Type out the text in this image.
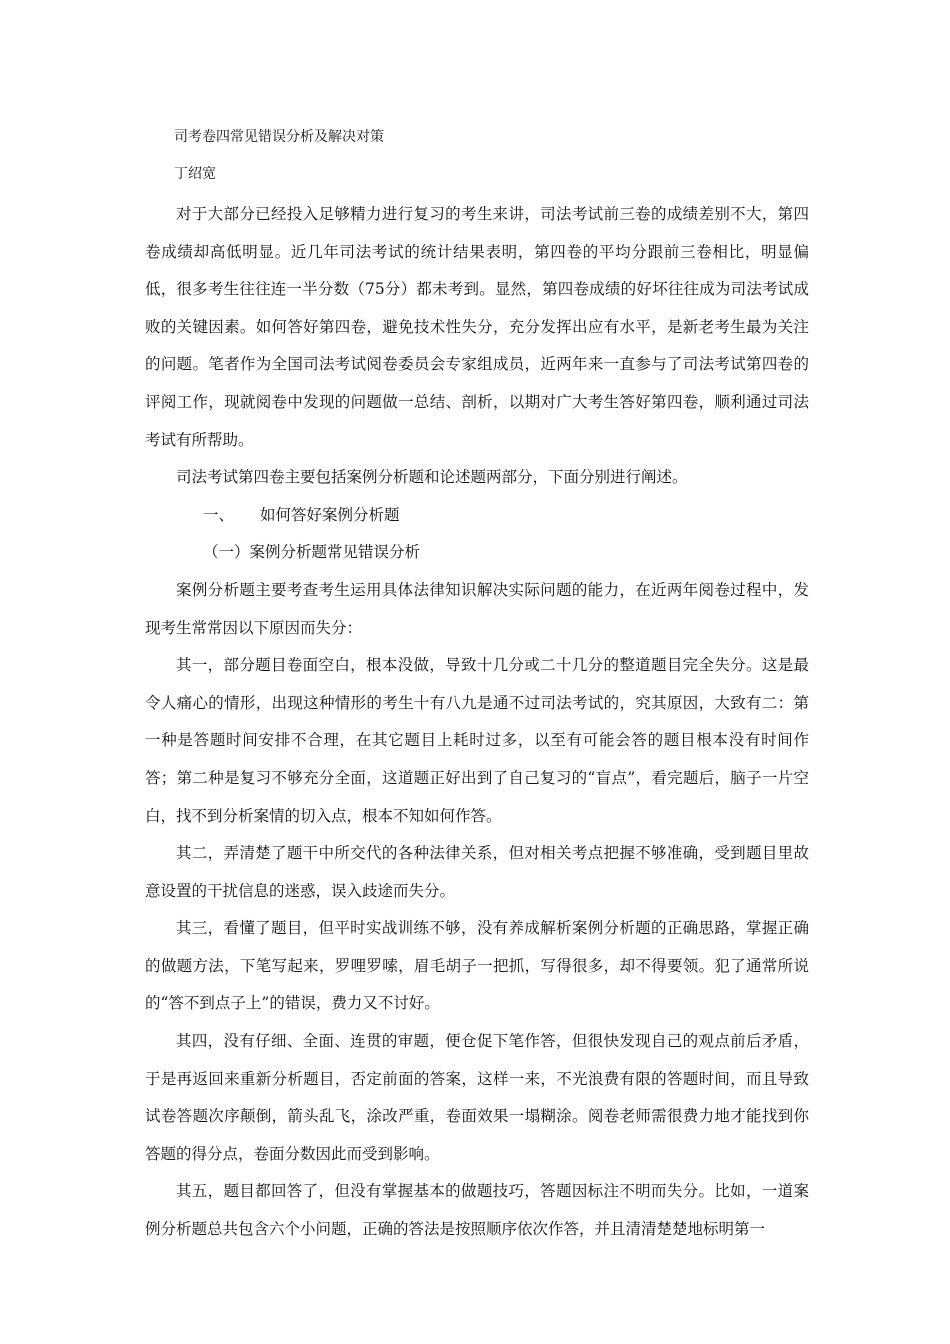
司考卷四常见错误分析及解决对策
丁绍宽

对于大部分已经投入足够精力进行复习的考生来讲，司法考试前三卷的成绩差别不大，第四卷成绩却高低明显。近几年司法考试的统计结果表明，第四卷的平均分跟前三卷相比，明显偏低，很多考生往往连一半分数（75分）都未考到。显然，第四卷成绩的好坏往往成为司法考试成败的关键因素。如何答好第四卷，避免技术性失分，充分发挥出应有水平，是新老考生最为关注的问题。笔者作为全国司法考试阅卷委员会专家组成员，近两年来一直参与了司法考试第四卷的评阅工作，现就阅卷中发现的问题做一总结、剖析，以期对广大考生答好第四卷，顺利通过司法考试有所帮助。

司法考试第四卷主要包括案例分析题和论述题两部分，下面分别进行阐述。

一、 如何答好案例分析题

（一）案例分析题常见错误分析

案例分析题主要考查考生运用具体法律知识解决实际问题的能力，在近两年阅卷过程中，发现考生常常因以下原因而失分：

其一，部分题目卷面空白，根本没做，导致十几分或二十几分的整道题目完全失分。这是最令人痛心的情形，出现这种情形的考生十有八九是通不过司法考试的，究其原因，大致有二：第一种是答题时间安排不合理，在其它题目上耗时过多，以至有可能会答的题目根本没有时间作答；第二种是复习不够充分全面，这道题正好出到了自己复习的“盲点”，看完题后，脑子一片空白，找不到分析案情的切入点，根本不知如何作答。

其二，弄清楚了题干中所交代的各种法律关系，但对相关考点把握不够准确，受到题目里故意设置的干扰信息的迷惑，误入歧途而失分。

其三，看懂了题目，但平时实战训练不够，没有养成解析案例分析题的正确思路，掌握正确的做题方法，下笔写起来，罗哩罗嗦，眉毛胡子一把抓，写得很多，却不得要领。犯了通常所说的“答不到点子上”的错误，费力又不讨好。

其四，没有仔细、全面、连贯的审题，便仓促下笔作答，但很快发现自己的观点前后矛盾，于是再返回来重新分析题目，否定前面的答案，这样一来，不光浪费有限的答题时间，而且导致试卷答题次序颠倒，箭头乱飞，涂改严重，卷面效果一塌糊涂。阅卷老师需很费力地才能找到你答题的得分点，卷面分数因此而受到影响。

其五，题目都回答了，但没有掌握基本的做题技巧，答题因标注不明而失分。比如，一道案例分析题总共包含六个小问题，正确的答法是按照顺序依次作答，并且清清楚楚地标明第一
